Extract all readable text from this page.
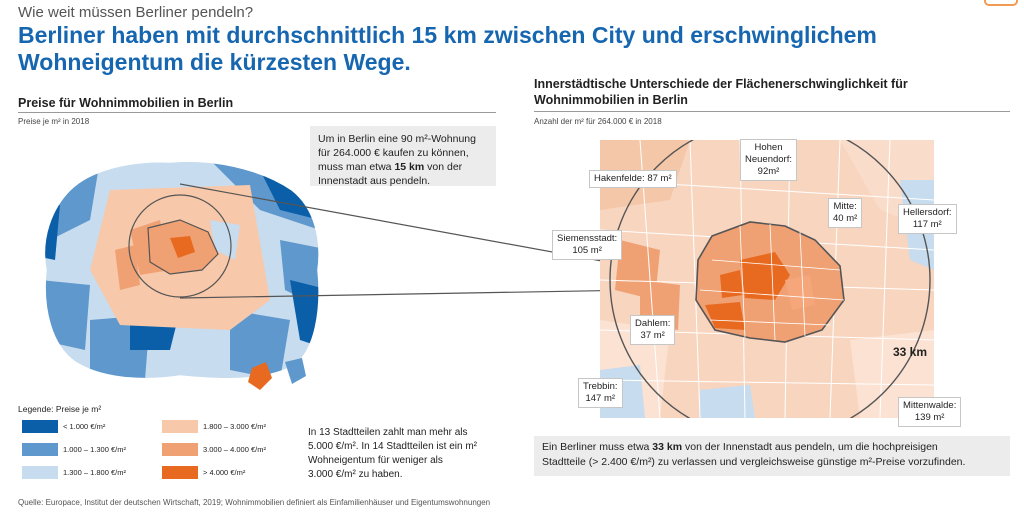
Wie weit müssen Berliner pendeln?
Berliner haben mit durchschnittlich 15 km zwischen City und erschwinglichem Wohneigentum die kürzesten Wege.
Preise für Wohnimmobilien in Berlin
Preise je m² in 2018
Um in Berlin eine 90 m²-Wohnung
für 264.000 € kaufen zu können,
muss man etwa 15 km von der
Innenstadt aus pendeln.
Legende: Preise je m²
< 1.000 €/m²
1.000 – 1.300 €/m²
1.300 – 1.800 €/m²
1.800 – 3.000 €/m²
3.000 – 4.000 €/m²
> 4.000 €/m²
In 13 Stadtteilen zahlt man mehr als
5.000 €/m². In 14 Stadtteilen ist ein m²
Wohneigentum für weniger als
3.000 €/m² zu haben.
Innerstädtische Unterschiede der Flächenerschwinglichkeit für
Wohnimmobilien in Berlin
Anzahl der m² für 264.000 € in 2018
Hakenfelde: 87 m²
Hohen
Neuendorf:
92m²
Mitte:
40 m²
Hellersdorf:
117 m²
Siemensstadt:
105 m²
Dahlem:
37 m²
Trebbin:
147 m²
Mittenwalde:
139 m²
33 km
Ein Berliner muss etwa 33 km von der Innenstadt aus pendeln, um die hochpreisigen
Stadtteile (> 2.400 €/m²) zu verlassen und vergleichsweise günstige m²-Preise vorzufinden.
Quelle: Europace, Institut der deutschen Wirtschaft, 2019; Wohnimmobilien definiert als Einfamilienhäuser und Eigentumswohnungen
